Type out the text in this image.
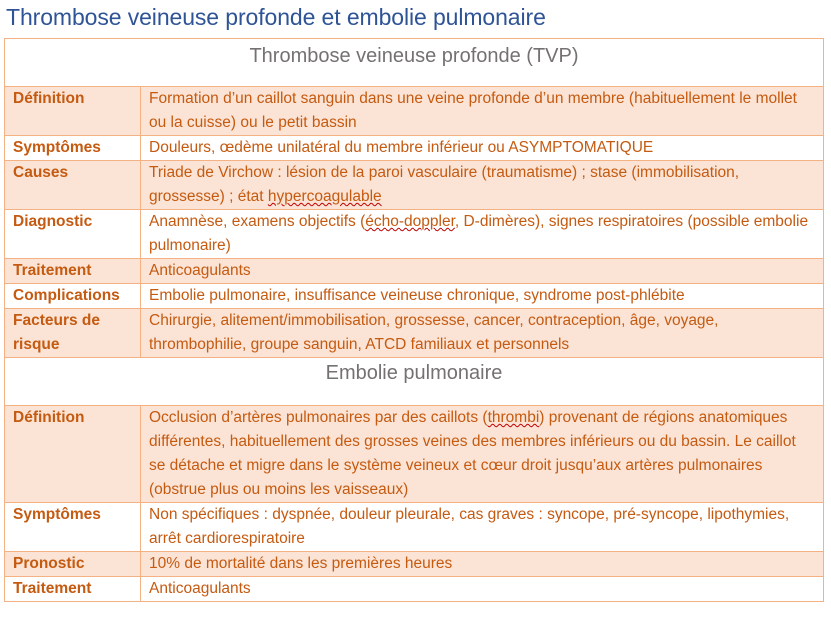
Thrombose veineuse profonde et embolie pulmonaire
Thrombose veineuse profonde (TVP)	
Définition	Formation d’un caillot sanguin dans une veine profonde d’un membre (habituellement le mollet ou la cuisse) ou le petit bassin
Symptômes	Douleurs, œdème unilatéral du membre inférieur ou ASYMPTOMATIQUE
Causes	Triade de Virchow : lésion de la paroi vasculaire (traumatisme) ; stase (immobilisation, grossesse) ; état hypercoagulable
Diagnostic	Anamnèse, examens objectifs (écho-doppler, D-dimères), signes respiratoires (possible embolie pulmonaire)
Traitement	Anticoagulants
Complications	Embolie pulmonaire, insuffisance veineuse chronique, syndrome post-phlébite
Facteurs de risque	Chirurgie, alitement/immobilisation, grossesse, cancer, contraception, âge, voyage, thrombophilie, groupe sanguin, ATCD familiaux et personnels
Embolie pulmonaire	
Définition	Occlusion d’artères pulmonaires par des caillots (thrombi) provenant de régions anatomiques différentes, habituellement des grosses veines des membres inférieurs ou du bassin. Le caillot se détache et migre dans le système veineux et cœur droit jusqu’aux artères pulmonaires (obstrue plus ou moins les vaisseaux)
Symptômes	Non spécifiques : dyspnée, douleur pleurale, cas graves : syncope, pré-syncope, lipothymies, arrêt cardiorespiratoire
Pronostic	10% de mortalité dans les premières heures
Traitement	Anticoagulants
